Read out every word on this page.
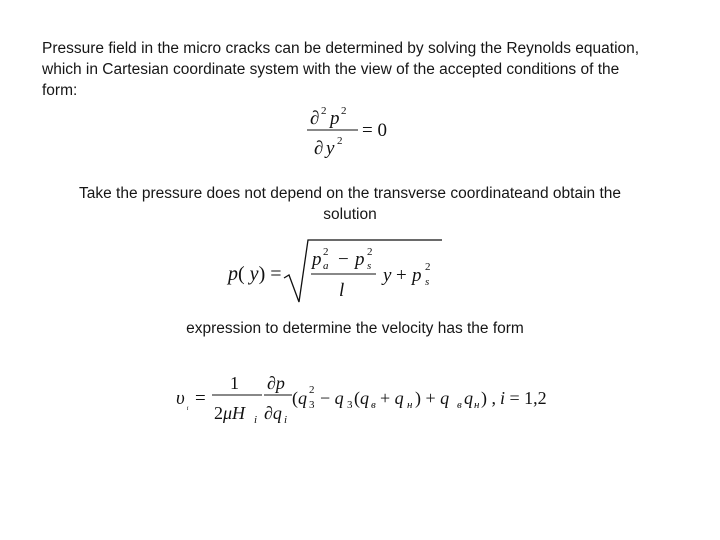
Pressure field in the micro cracks can be determined by solving the Reynolds equation,
which in Cartesian coordinate system with the view of the accepted conditions of the
form:
∂ 2 p 2
∂ y 2 = 0
Take the pressure does not depend on the transverse coordinateand obtain the
solution
p( y) =
p 2
a − p 2
s
l
y + p 2
s
expression to determine the velocity has the form
υ ᵢ =
1
2μH i
∂p
∂q i
(q 2
3 − q 3 (q в + q н ) + q в q н ) , i = 1,2
